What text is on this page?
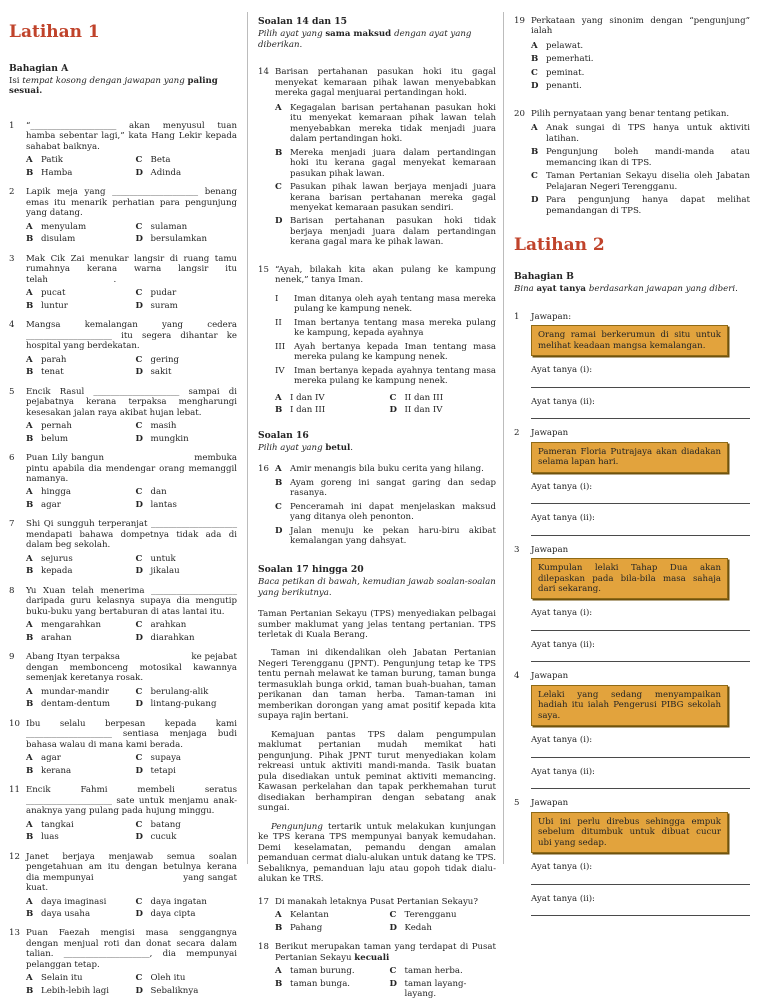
Latihan 1
Bahagian A
Isi tempat kosong dengan jawapan yang paling sesuai.
1	“____________________ akan menyusul tuan hamba sebentar lagi,” kata Hang Lekir kepada sahabat baiknya.
A Patik	C Beta
B Hamba	D Adinda
2	Lapik meja yang ____________________ benang emas itu menarik perhatian para pengunjung yang datang.
A menyulam	C sulaman
B disulam	D bersulamkan
3	Mak Cik Zai menukar langsir di ruang tamu rumahnya kerana warna langsir itu telah                        .
A pucat	C pudar
B luntur	D suram
4	Mangsa kemalangan yang cedera ____________________ itu segera dihantar ke hospital yang berdekatan.
A parah	C gering
B tenat	D sakit
5	Encik Rasul ____________________ sampai di pejabatnya kerana terpaksa mengharungi kesesakan jalan raya akibat hujan lebat.
A pernah	C masih
B belum	D mungkin
6	Puan Lily bangun                         membuka pintu apabila dia mendengar orang memanggil namanya.
A hingga	C dan
B agar	D lantas
7	Shi Qi sungguh terperanjat ____________________ mendapati bahawa dompetnya tidak ada di dalam beg sekolah.
A sejurus	C untuk
B kepada	D jikalau
8	Yu Xuan telah menerima ____________________ daripada guru kelasnya supaya dia mengutip buku-buku yang bertaburan di atas lantai itu.
A mengarahkan	C arahkan
B arahan	D diarahkan
9	Abang Ityan terpaksa                         ke pejabat dengan membonceng motosikal kawannya semenjak keretanya rosak.
A mundar-mandir	C berulang-alik
B dentam-dentum	D lintang-pukang
10 Ibu selalu berpesan kepada kami ____________________ sentiasa menjaga budi bahasa walau di mana kami berada.
A agar	C supaya
B kerana	D tetapi
11 Encik Fahmi membeli seratus ____________________ sate untuk menjamu anak-anaknya yang pulang pada hujung minggu.
A tangkai	C batang
B luas	D cucuk
12 Janet berjaya menjawab semua soalan pengetahuan am itu dengan betulnya kerana dia mempunyai                         yang sangat kuat.
A daya imaginasi	C daya ingatan
B daya usaha	D daya cipta
13 Puan Faezah mengisi masa senggangnya dengan menjual roti dan donat secara dalam talian. ____________________, dia mempunyai pelanggan tetap.
A Selain itu	C Oleh itu
B Lebih-lebih lagi	D Sebaliknya
Soalan 14 dan 15
Pilih ayat yang sama maksud dengan ayat yang diberikan.
14 Barisan pertahanan pasukan hoki itu gagal menyekat kemaraan pihak lawan menyebabkan mereka gagal menjuarai pertandingan hoki.
A Kegagalan barisan pertahanan pasukan hoki itu menyekat kemaraan pihak lawan telah menyebabkan mereka tidak menjadi juara dalam pertandingan hoki.
B Mereka menjadi juara dalam pertandingan hoki itu kerana gagal menyekat kemaraan pasukan pihak lawan.
C Pasukan pihak lawan berjaya menjadi juara kerana barisan pertahanan mereka gagal menyekat kemaraan pasukan sendiri.
D Barisan pertahanan pasukan hoki tidak berjaya menjadi juara dalam pertandingan kerana gagal mara ke pihak lawan.
15 “Ayah, bilakah kita akan pulang ke kampung nenek,” tanya Iman.
I	Iman ditanya oleh ayah tentang masa mereka pulang ke kampung nenek.
II	Iman bertanya tentang masa mereka pulang ke kampung, kepada ayahnya
III	Ayah bertanya kepada Iman tentang masa mereka pulang ke kampung nenek.
IV	Iman bertanya kepada ayahnya tentang masa mereka pulang ke kampung nenek.
A I dan IV	C II dan III
B I dan III	D II dan IV
Soalan 16
Pilih ayat yang betul.
16 A Amir menangis bila buku cerita yang hilang.
B Ayam goreng ini sangat garing dan sedap rasanya.
C Penceramah ini dapat menjelaskan maksud yang ditanya oleh penonton.
D Jalan menuju ke pekan haru-biru akibat kemalangan yang dahsyat.
Soalan 17 hingga 20
Baca petikan di bawah, kemudian jawab soalan-soalan yang berikutnya.

Taman Pertanian Sekayu (TPS) menyediakan pelbagai sumber maklumat yang jelas tentang pertanian. TPS terletak di Kuala Berang.

Taman ini dikendalikan oleh Jabatan Pertanian Negeri Terengganu (JPNT). Pengunjung tetap ke TPS tentu pernah melawat ke taman burung, taman bunga termasuklah bunga orkid, taman buah-buahan, taman perikanan dan taman herba. Taman-taman ini memberikan dorongan yang amat positif kepada kita supaya rajin bertani.

Kemajuan pantas TPS dalam pengumpulan maklumat pertanian mudah memikat hati pengunjung. Pihak JPNT turut menyediakan kolam rekreasi untuk aktiviti mandi-manda. Tasik buatan pula disediakan untuk peminat aktiviti memancing. Kawasan perkelahan dan tapak perkhemahan turut disediakan berhampiran dengan sebatang anak sungai.

Pengunjung tertarik untuk melakukan kunjungan ke TPS kerana TPS mempunyai banyak kemudahan. Demi keselamatan, pemandu dengan amalan pemanduan cermat dialu-alukan untuk datang ke TPS. Sebaliknya, pemanduan laju atau gopoh tidak dialu-alukan ke TRS.

17 Di manakah letaknya Pusat Pertanian Sekayu?
A Kelantan	C Terengganu
B Pahang	D Kedah
18 Berikut merupakan taman yang terdapat di Pusat Pertanian Sekayu kecuali
A taman burung.	C taman herba.
B taman bunga.	D taman layang-layang.
19 Perkataan yang sinonim dengan “pengunjung” ialah
A pelawat.
B pemerhati.
C peminat.
D penanti.
20 Pilih pernyataan yang benar tentang petikan.
A Anak sungai di TPS hanya untuk aktiviti latihan.
B Pengunjung boleh mandi-manda atau memancing ikan di TPS.
C Taman Pertanian Sekayu diselia oleh Jabatan Pelajaran Negeri Terengganu.
D Para pengunjung hanya dapat melihat pemandangan di TPS.
Latihan 2
Bahagian B
Bina ayat tanya berdasarkan jawapan yang diberi.
1	Jawapan:
Orang ramai berkerumun di situ untuk melihat keadaan mangsa kemalangan.
Ayat tanya (i):
Ayat tanya (ii):
2	Jawapan
Pameran Floria Putrajaya akan diadakan selama lapan hari.
Ayat tanya (i):
Ayat tanya (ii):
3	Jawapan
Kumpulan lelaki Tahap Dua akan dilepaskan pada bila-bila masa sahaja dari sekarang.
Ayat tanya (i):
Ayat tanya (ii):
4	Jawapan
Lelaki yang sedang menyampaikan hadiah itu ialah Pengerusi PIBG sekolah saya.
Ayat tanya (i):
Ayat tanya (ii):
5	Jawapan
Ubi ini perlu direbus sehingga empuk sebelum ditumbuk untuk dibuat cucur ubi yang sedap.
Ayat tanya (i):
Ayat tanya (ii):
